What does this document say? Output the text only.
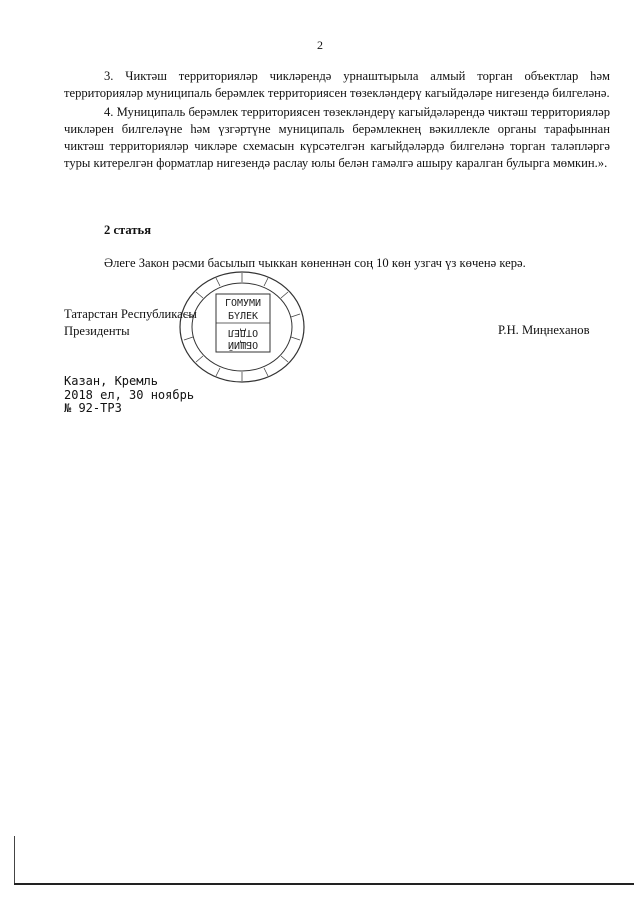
2

3. Чиктәш территорияләр чикләрендә урнаштырыла алмый торган объектлар һәм территорияләр муниципаль берәмлек территориясен төзекләндерү кагыйдәләре нигезендә билгеләнә.

4. Муниципаль берәмлек территориясен төзекләндерү кагыйдәләрендә чиктәш территорияләр чикләрен билгеләүне һәм үзгәртүне муниципаль берәмлекнең вәкиллекле органы тарафыннан чиктәш территорияләр чикләре схемасын күрсәтелгән кагыйдәләрдә билгеләнә торган таләпләргә туры китерелгән форматлар нигезендә раслау юлы белән гамәлгә ашыру каралган булырга мөмкин.».

2 статья
Әлеге Закон рәсми басылып чыккан көненнән соң 10 көн узгач үз көченә керә.
ГОМУМИ
БҮЛЕК
ОТДЕЛ
ОБЩИЙ
Татарстан Республикасы
Президенты	Р.Н. Миңнеханов
Казан, Кремль
2018 ел, 30 ноябрь
№ 92-ТРЗ
